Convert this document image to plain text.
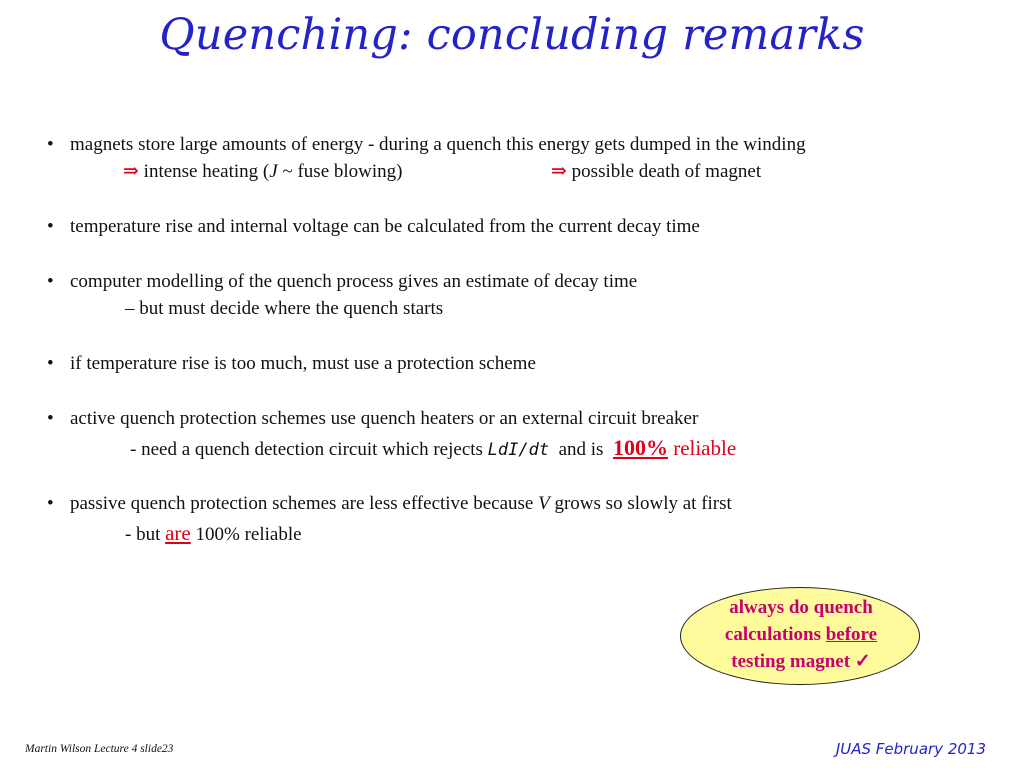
Quenching: concluding remarks
• magnets store large amounts of energy - during a quench this energy gets dumped in the winding
⇒ intense heating (J ~ fuse blowing)	⇒ possible death of magnet
• temperature rise and internal voltage can be calculated from the current decay time
• computer modelling of the quench process gives an estimate of decay time
– but must decide where the quench starts
• if temperature rise is too much, must use a protection scheme
• active quench protection schemes use quench heaters or an external circuit breaker
- need a quench detection circuit which rejects LdI/dt  and is  100% reliable
• passive quench protection schemes are less effective because V grows so slowly at first
- but are 100% reliable
always do quench
calculations before
testing magnet ✓
Martin Wilson Lecture 4 slide23	JUAS February 2013
